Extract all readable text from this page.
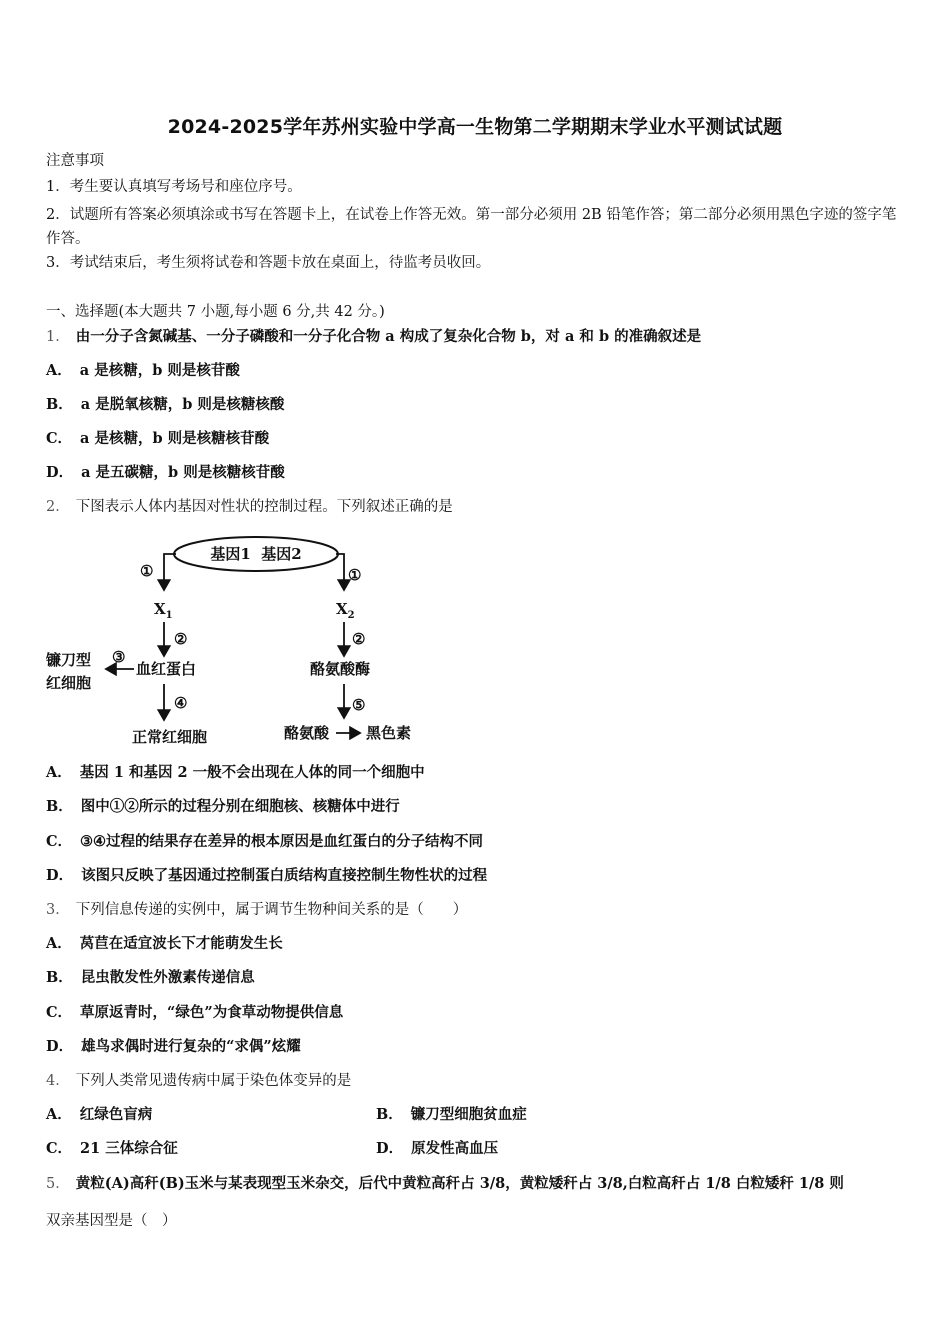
2024-2025学年苏州实验中学高一生物第二学期期末学业水平测试试题
注意事项
1．考生要认真填写考场号和座位序号。
2．试题所有答案必须填涂或书写在答题卡上，在试卷上作答无效。第一部分必须用 2B 铅笔作答；第二部分必须用黑色字迹的签字笔作答。
3．考试结束后，考生须将试卷和答题卡放在桌面上，待监考员收回。
一、选择题(本大题共 7 小题,每小题 6 分,共 42 分。)
1． 由一分子含氮碱基、一分子磷酸和一分子化合物 a 构成了复杂化合物 b，对 a 和 b 的准确叙述是
A． a 是核糖，b 则是核苷酸
B． a 是脱氧核糖，b 则是核糖核酸
C． a 是核糖，b 则是核糖核苷酸
D． a 是五碳糖，b 则是核糖核苷酸
2． 下图表示人体内基因对性状的控制过程。下列叙述正确的是
基因1  基因2
①	①
$X_1$	$X_2$
②	②
血红蛋白	酪氨酸酶
③
镰刀型
红细胞
④
正常红细胞
⑤
酪氨酸 黑色素
A． 基因 1 和基因 2 一般不会出现在人体的同一个细胞中
B． 图中①②所示的过程分别在细胞核、核糖体中进行
C． ③④过程的结果存在差异的根本原因是血红蛋白的分子结构不同
D． 该图只反映了基因通过控制蛋白质结构直接控制生物性状的过程
3． 下列信息传递的实例中，属于调节生物种间关系的是（　　）
A． 莴苣在适宜波长下才能萌发生长
B． 昆虫散发性外激素传递信息
C． 草原返青时，“绿色”为食草动物提供信息
D． 雄鸟求偶时进行复杂的“求偶”炫耀
4． 下列人类常见遗传病中属于染色体变异的是
A． 红绿色盲病	B． 镰刀型细胞贫血症
C． 21 三体综合征	D． 原发性高血压
5． 黄粒(A)高秆(B)玉米与某表现型玉米杂交，后代中黄粒高秆占 3/8，黄粒矮秆占 3/8,白粒高秆占 1/8 白粒矮秆 1/8 则
双亲基因型是（　）
